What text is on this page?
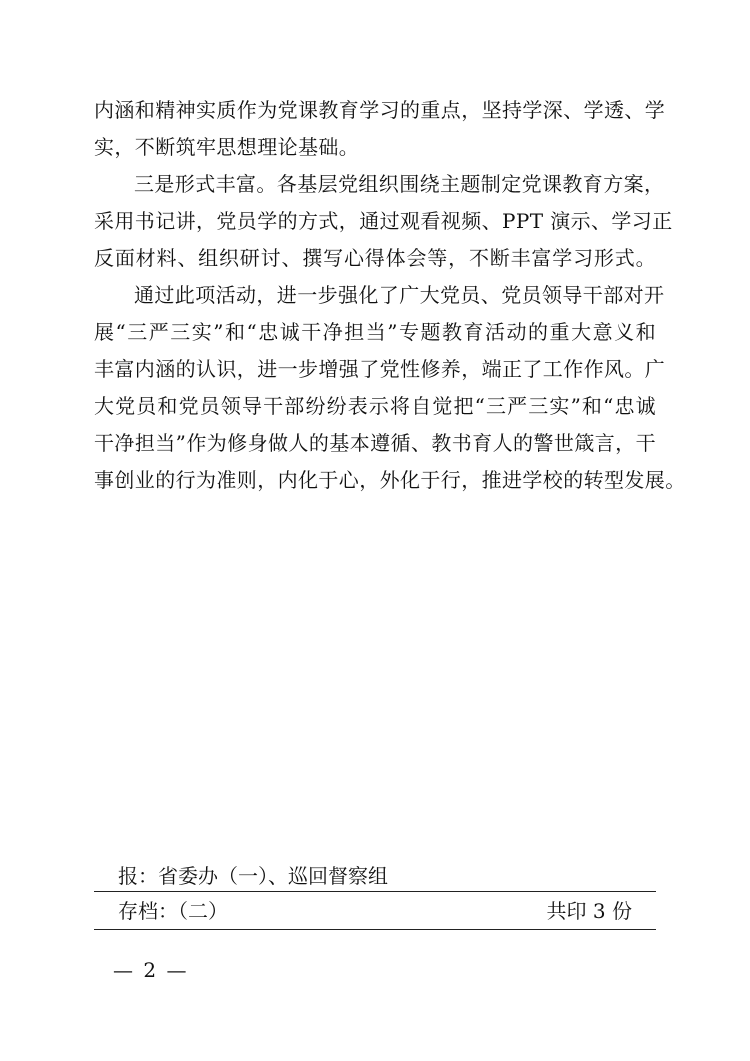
内涵和精神实质作为党课教育学习的重点，坚持学深、学透、学
实，不断筑牢思想理论基础。
三是形式丰富。各基层党组织围绕主题制定党课教育方案，
采用书记讲，党员学的方式，通过观看视频、PPT 演示、学习正
反面材料、组织研讨、撰写心得体会等，不断丰富学习形式。
通过此项活动，进一步强化了广大党员、党员领导干部对开
展“三严三实”和“忠诚干净担当”专题教育活动的重大意义和
丰富内涵的认识，进一步增强了党性修养，端正了工作作风。广
大党员和党员领导干部纷纷表示将自觉把“三严三实”和“忠诚
干净担当”作为修身做人的基本遵循、教书育人的警世箴言，干
事创业的行为准则，内化于心，外化于行，推进学校的转型发展。
报：省委办（一）、巡回督察组
存档：（二）	共印 3 份
— 2 —
